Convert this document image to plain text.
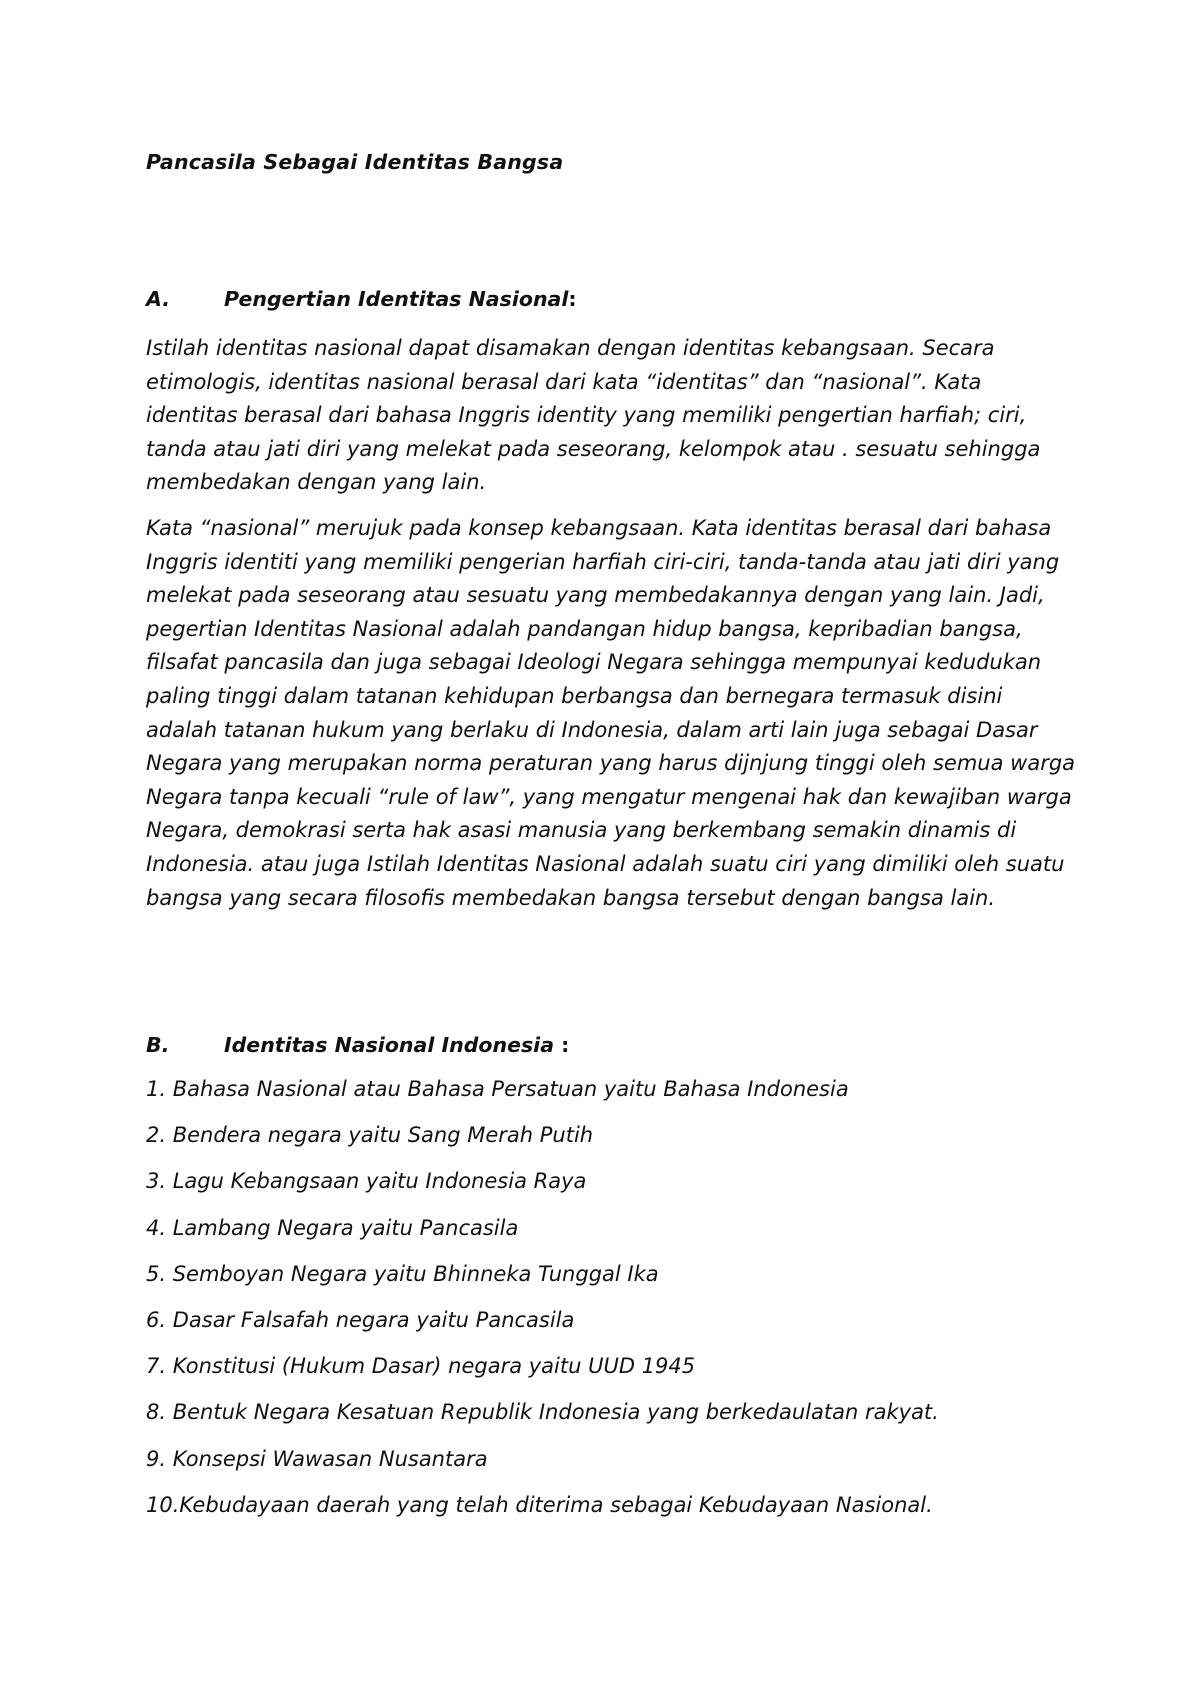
Pancasila Sebagai Identitas Bangsa
A.	Pengertian Identitas Nasional:

Istilah identitas nasional dapat disamakan dengan identitas kebangsaan. Secara etimologis, identitas nasional berasal dari kata “identitas” dan “nasional”. Kata identitas berasal dari bahasa Inggris identity yang memiliki pengertian harfiah; ciri, tanda atau jati diri yang melekat pada seseorang, kelompok atau . sesuatu sehingga membedakan dengan yang lain.

Kata “nasional” merujuk pada konsep kebangsaan. Kata identitas berasal dari bahasa Inggris identiti yang memiliki pengerian harfiah ciri-ciri, tanda-tanda atau jati diri yang melekat pada seseorang atau sesuatu yang membedakannya dengan yang lain. Jadi, pegertian Identitas Nasional adalah pandangan hidup bangsa, kepribadian bangsa, filsafat pancasila dan juga sebagai Ideologi Negara sehingga mempunyai kedudukan paling tinggi dalam tatanan kehidupan berbangsa dan bernegara termasuk disini adalah tatanan hukum yang berlaku di Indonesia, dalam arti lain juga sebagai Dasar Negara yang merupakan norma peraturan yang harus dijnjung tinggi oleh semua warga Negara tanpa kecuali “rule of law”, yang mengatur mengenai hak dan kewajiban warga Negara, demokrasi serta hak asasi manusia yang berkembang semakin dinamis di Indonesia. atau juga Istilah Identitas Nasional adalah suatu ciri yang dimiliki oleh suatu bangsa yang secara filosofis membedakan bangsa tersebut dengan bangsa lain.

B.	Identitas Nasional Indonesia :
1. Bahasa Nasional atau Bahasa Persatuan yaitu Bahasa Indonesia
2. Bendera negara yaitu Sang Merah Putih
3. Lagu Kebangsaan yaitu Indonesia Raya
4. Lambang Negara yaitu Pancasila
5. Semboyan Negara yaitu Bhinneka Tunggal Ika
6. Dasar Falsafah negara yaitu Pancasila
7. Konstitusi (Hukum Dasar) negara yaitu UUD 1945
8. Bentuk Negara Kesatuan Republik Indonesia yang berkedaulatan rakyat.
9. Konsepsi Wawasan Nusantara
10.Kebudayaan daerah yang telah diterima sebagai Kebudayaan Nasional.
